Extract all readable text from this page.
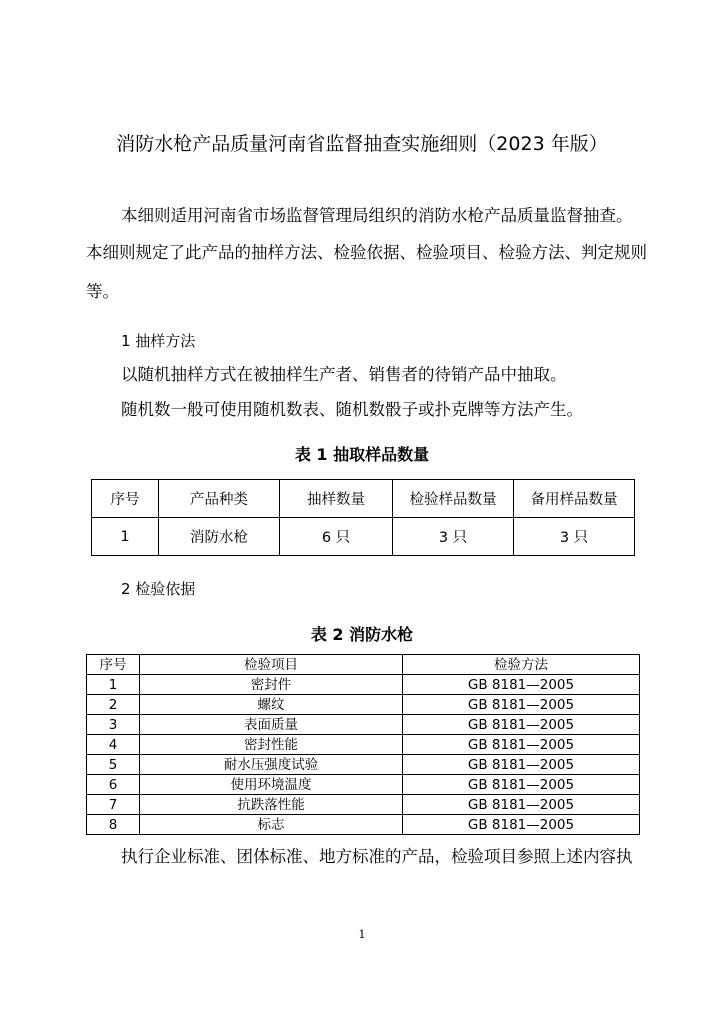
消防水枪产品质量河南省监督抽查实施细则（2023 年版）
本细则适用河南省市场监督管理局组织的消防水枪产品质量监督抽查。
本细则规定了此产品的抽样方法、检验依据、检验项目、检验方法、判定规则
等。
1 抽样方法
以随机抽样方式在被抽样生产者、销售者的待销产品中抽取。
随机数一般可使用随机数表、随机数骰子或扑克牌等方法产生。
表 1 抽取样品数量
序号	产品种类	抽样数量	检验样品数量	备用样品数量
1	消防水枪	6 只	3 只	3 只
2 检验依据
表 2 消防水枪
序号	检验项目	检验方法
1	密封件	GB 8181—2005
2	螺纹	GB 8181—2005
3	表面质量	GB 8181—2005
4	密封性能	GB 8181—2005
5	耐水压强度试验	GB 8181—2005
6	使用环境温度	GB 8181—2005
7	抗跌落性能	GB 8181—2005
8	标志	GB 8181—2005
执行企业标准、团体标准、地方标准的产品，检验项目参照上述内容执
1
